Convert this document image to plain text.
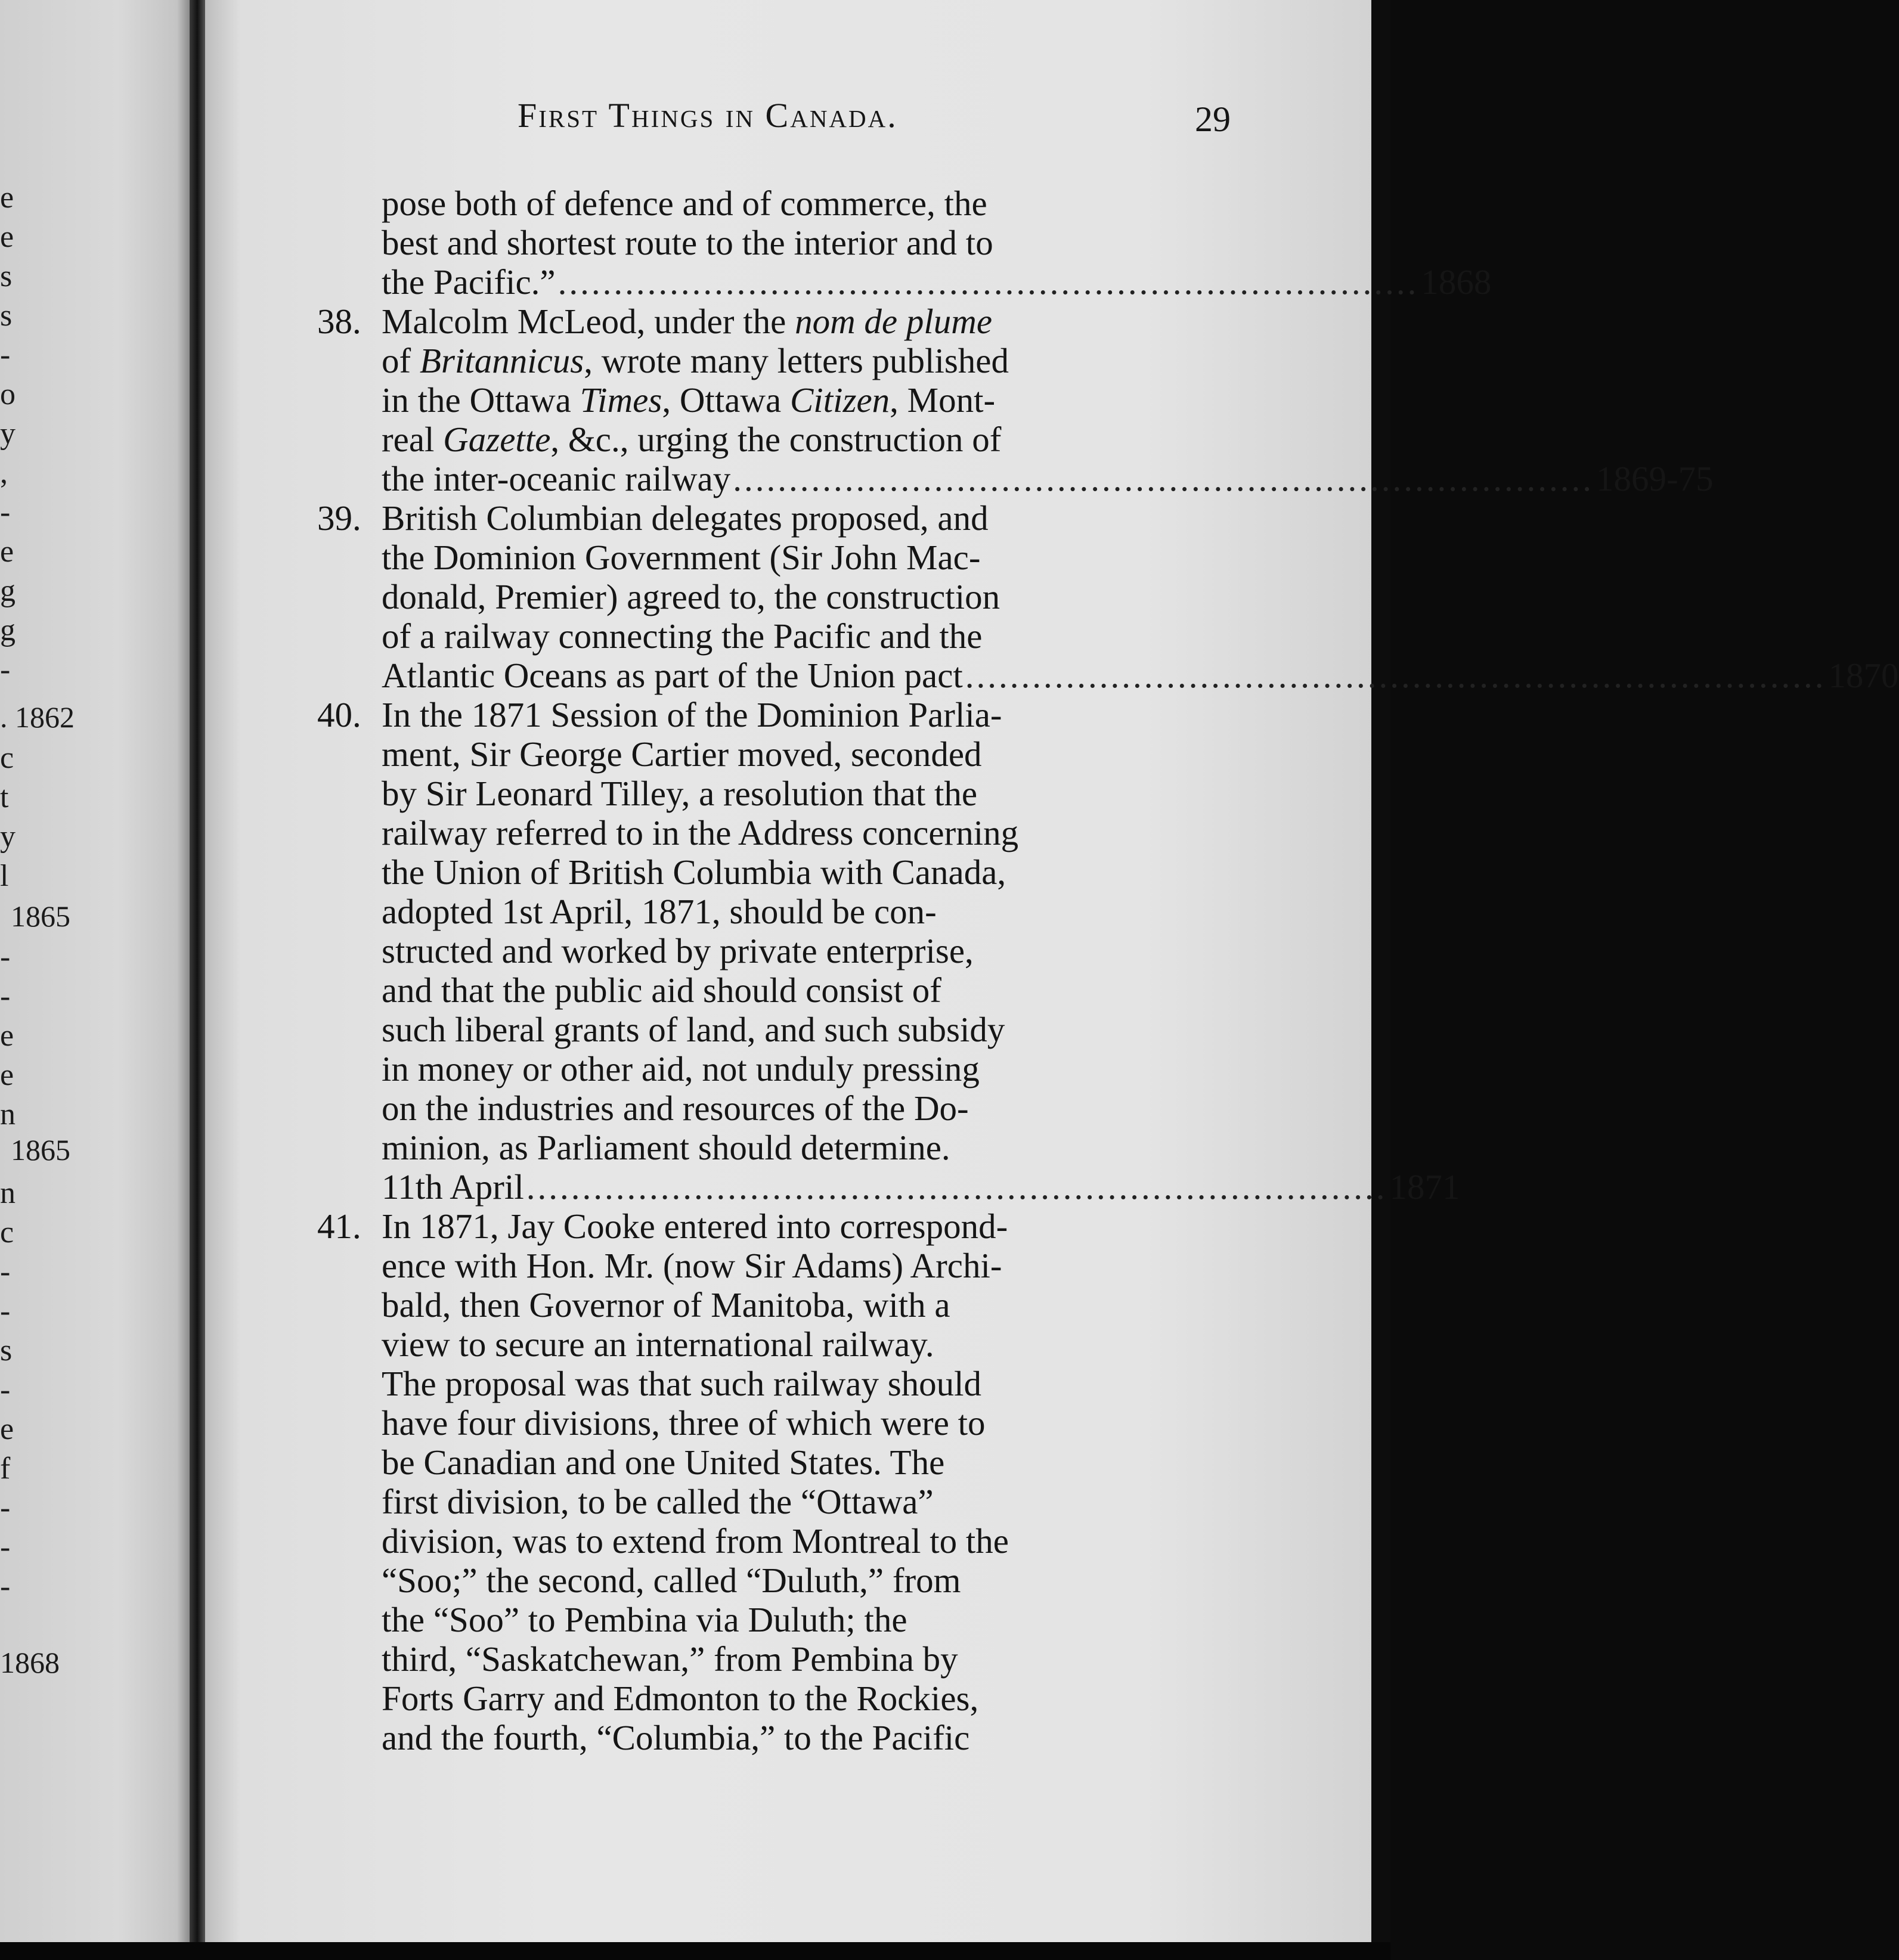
e
e
s
s
-
o
y
,
-
e
g
g
-
. 1862
c
t
y
l
1865
-
-
e
e
n
1865
n
c
-
-
s
-
e
f
-
-
-
1868
First Things in Canada.	29
pose both of defence and of commerce, the
best and shortest route to the interior and to
the Pacific.” ............................................................................. 1868
38. Malcolm McLeod, under the nom de plume
of Britannicus, wrote many letters published
in the Ottawa Times, Ottawa Citizen, Mont-
real Gazette, &c., urging the construction of
the inter-oceanic railway ............................................................................. 1869-75
39. British Columbian delegates proposed, and
the Dominion Government (Sir John Mac-
donald, Premier) agreed to, the construction
of a railway connecting the Pacific and the
Atlantic Oceans as part of the Union pact ............................................................................. 1870
40. In the 1871 Session of the Dominion Parlia-
ment, Sir George Cartier moved, seconded
by Sir Leonard Tilley, a resolution that the
railway referred to in the Address concerning
the Union of British Columbia with Canada,
adopted 1st April, 1871, should be con-
structed and worked by private enterprise,
and that the public aid should consist of
such liberal grants of land, and such subsidy
in money or other aid, not unduly pressing
on the industries and resources of the Do-
minion, as Parliament should determine.
11th April ............................................................................. 1871
41. In 1871, Jay Cooke entered into correspond-
ence with Hon. Mr. (now Sir Adams) Archi-
bald, then Governor of Manitoba, with a
view to secure an international railway.
The proposal was that such railway should
have four divisions, three of which were to
be Canadian and one United States. The
first division, to be called the “Ottawa”
division, was to extend from Montreal to the
“Soo;” the second, called “Duluth,” from
the “Soo” to Pembina via Duluth; the
third, “Saskatchewan,” from Pembina by
Forts Garry and Edmonton to the Rockies,
and the fourth, “Columbia,” to the Pacific
